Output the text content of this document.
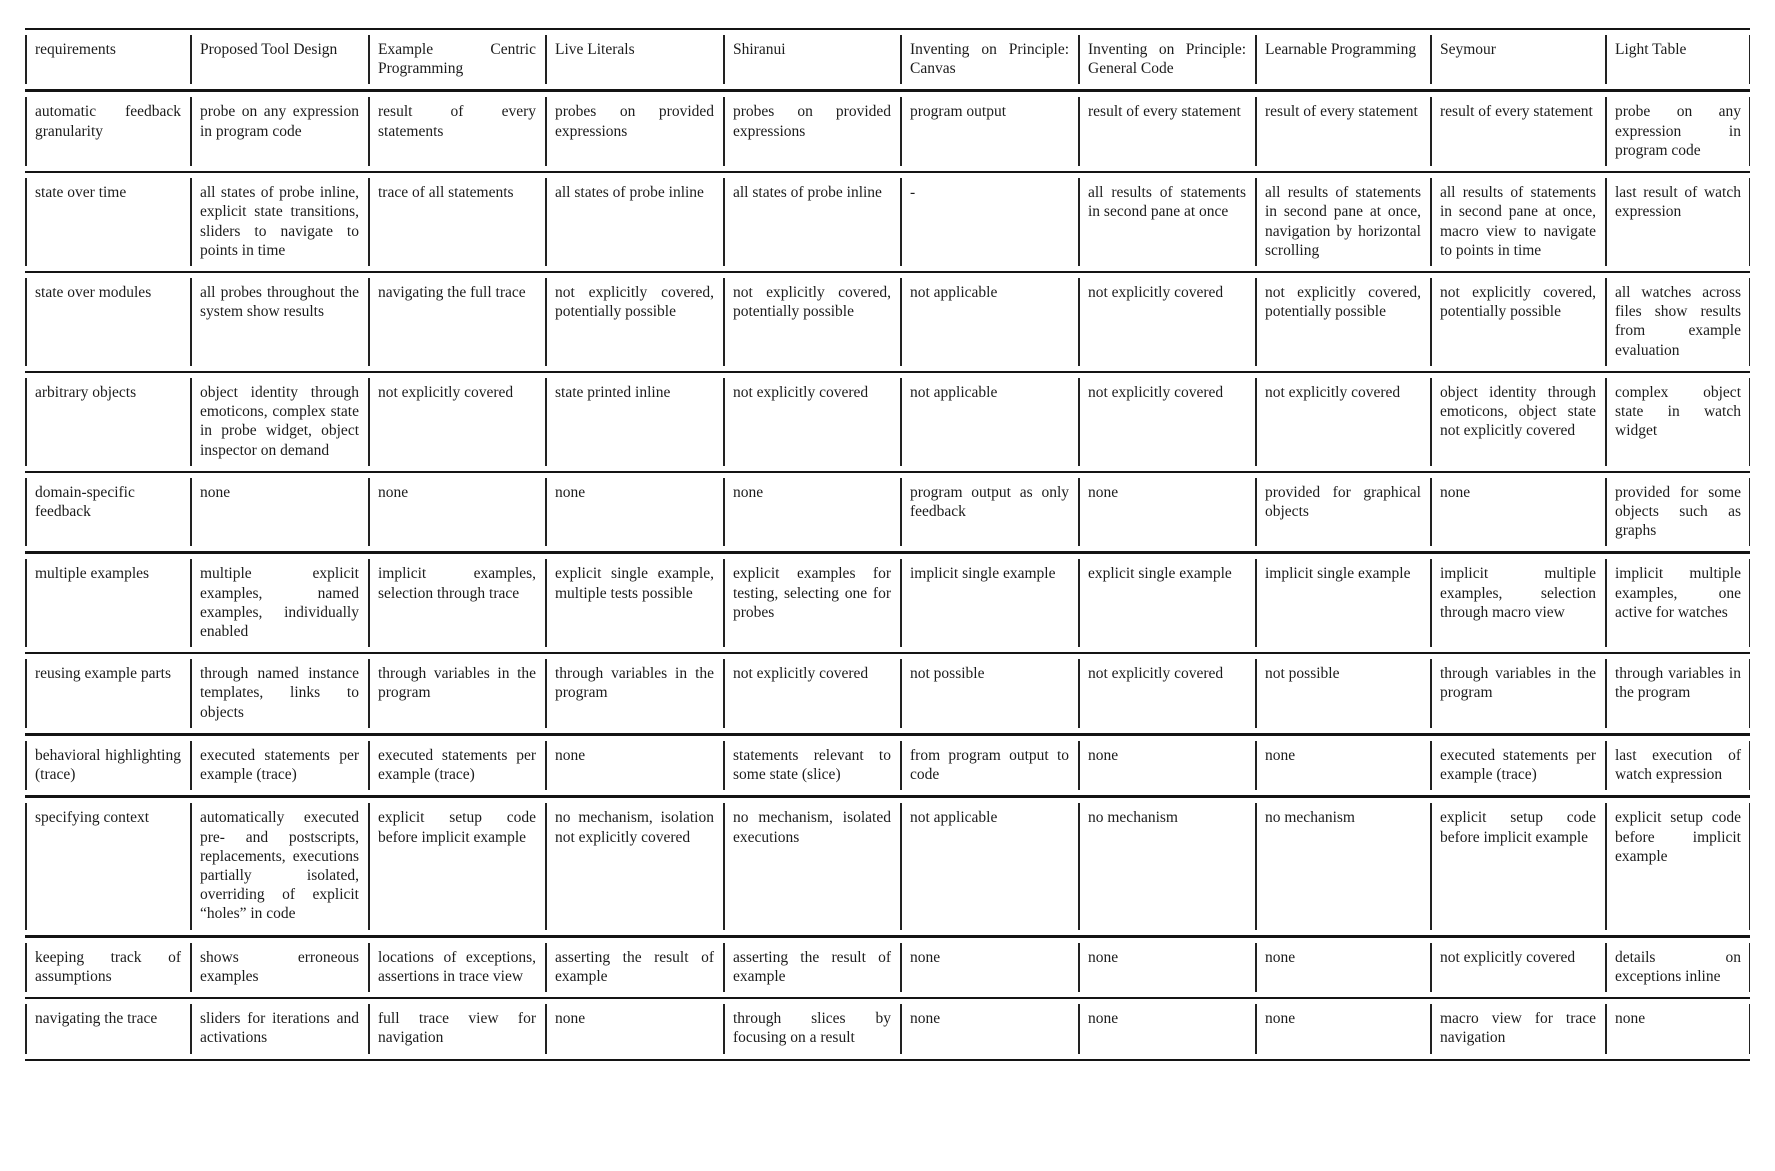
requirements	Proposed Tool Design	Example Centric Programming	Live Literals	Shiranui	Inventing on Principle: Canvas	Inventing on Principle: General Code	Learnable Programming	Seymour	Light Table
automatic feedback granularity	probe on any expression in program code	result of every statements	probes on provided expressions	probes on provided expressions	program output	result of every statement	result of every statement	result of every statement	probe on any expression in program code
state over time	all states of probe inline, explicit state transitions, sliders to navigate to points in time	trace of all statements	all states of probe inline	all states of probe inline	-	all results of statements in second pane at once	all results of statements in second pane at once, navigation by horizontal scrolling	all results of statements in second pane at once, macro view to navigate to points in time	last result of watch expression
state over modules	all probes throughout the system show results	navigating the full trace	not explicitly covered, potentially possible	not explicitly covered, potentially possible	not applicable	not explicitly covered	not explicitly covered, potentially possible	not explicitly covered, potentially possible	all watches across files show results from example evaluation
arbitrary objects	object identity through emoticons, complex state in probe widget, object inspector on demand	not explicitly covered	state printed inline	not explicitly covered	not applicable	not explicitly covered	not explicitly covered	object identity through emoticons, object state not explicitly covered	complex object state in watch widget
domain-specific feedback	none	none	none	none	program output as only feedback	none	provided for graphical objects	none	provided for some objects such as graphs
multiple examples	multiple explicit examples, named examples, individually enabled	implicit examples, selection through trace	explicit single example, multiple tests possible	explicit examples for testing, selecting one for probes	implicit single example	explicit single example	implicit single example	implicit multiple examples, selection through macro view	implicit multiple examples, one active for watches
reusing example parts	through named instance templates, links to objects	through variables in the program	through variables in the program	not explicitly covered	not possible	not explicitly covered	not possible	through variables in the program	through variables in the program
behavioral highlighting (trace)	executed statements per example (trace)	executed statements per example (trace)	none	statements relevant to some state (slice)	from program output to code	none	none	executed statements per example (trace)	last execution of watch expression
specifying context	automatically executed pre- and postscripts, replacements, executions partially isolated, overriding of explicit “holes” in code	explicit setup code before implicit example	no mechanism, isolation not explicitly covered	no mechanism, isolated executions	not applicable	no mechanism	no mechanism	explicit setup code before implicit example	explicit setup code before implicit example
keeping track of assumptions	shows erroneous examples	locations of exceptions, assertions in trace view	asserting the result of example	asserting the result of example	none	none	none	not explicitly covered	details on exceptions inline
navigating the trace	sliders for iterations and activations	full trace view for navigation	none	through slices by focusing on a result	none	none	none	macro view for trace navigation	none
